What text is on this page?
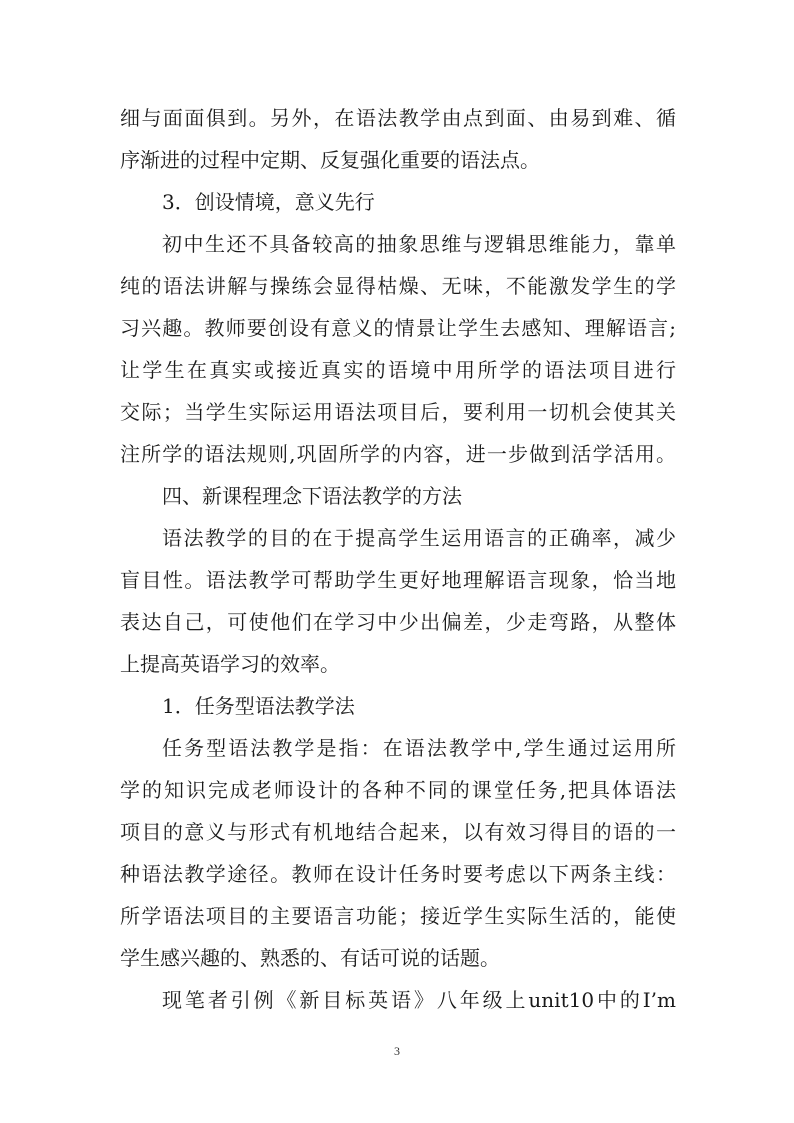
细与面面俱到。另外，在语法教学由点到面、由易到难、循
序渐进的过程中定期、反复强化重要的语法点。
3．创设情境，意义先行
初中生还不具备较高的抽象思维与逻辑思维能力，靠单
纯的语法讲解与操练会显得枯燥、无味，不能激发学生的学
习兴趣。教师要创设有意义的情景让学生去感知、理解语言;
让学生在真实或接近真实的语境中用所学的语法项目进行
交际；当学生实际运用语法项目后，要利用一切机会使其关
注所学的语法规则,巩固所学的内容，进一步做到活学活用。
四、新课程理念下语法教学的方法
语法教学的目的在于提高学生运用语言的正确率，减少
盲目性。语法教学可帮助学生更好地理解语言现象，恰当地
表达自己，可使他们在学习中少出偏差，少走弯路，从整体
上提高英语学习的效率。
1．任务型语法教学法
任务型语法教学是指：在语法教学中,学生通过运用所
学的知识完成老师设计的各种不同的课堂任务,把具体语法
项目的意义与形式有机地结合起来，以有效习得目的语的一
种语法教学途径。教师在设计任务时要考虑以下两条主线：
所学语法项目的主要语言功能；接近学生实际生活的，能使
学生感兴趣的、熟悉的、有话可说的话题。
现笔者引例《新目标英语》八年级上unit10中的I’m
3
